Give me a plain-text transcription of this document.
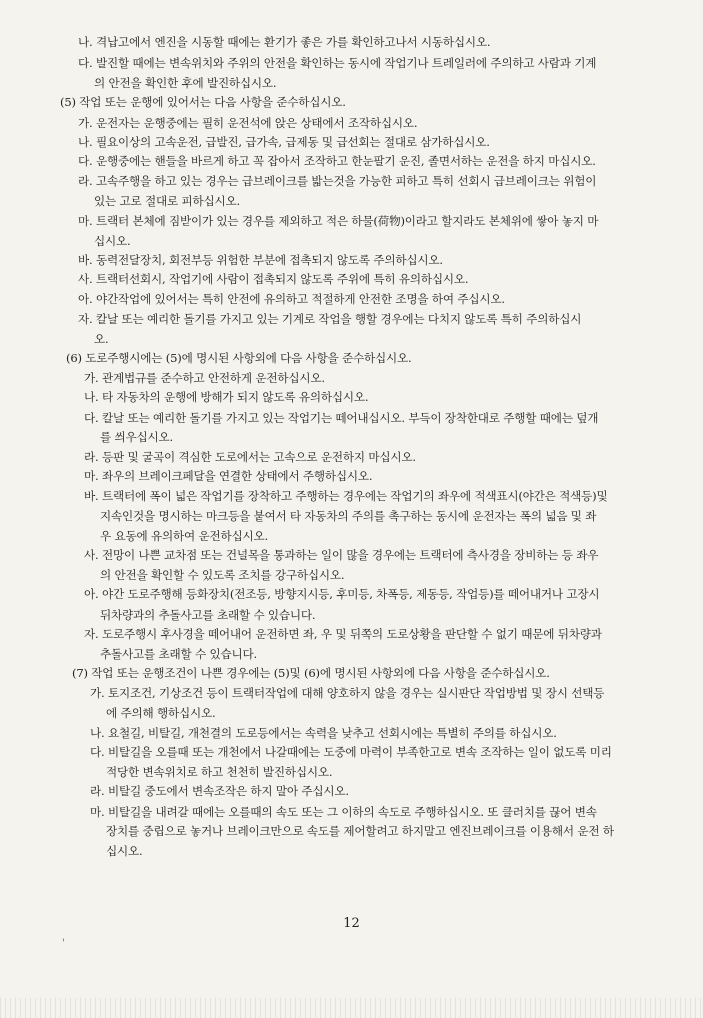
나. 격납고에서 엔진을 시동할 때에는 환기가 좋은 가를 확인하고나서 시동하십시오.
다. 발진할 때에는 변속위치와 주위의 안전을 확인하는 동시에 작업기나 트레일러에 주의하고 사람과 기계
의 안전을 확인한 후에 발진하십시오.
(5) 작업 또는 운행에 있어서는 다음 사항을 준수하십시오.
가. 운전자는 운행중에는 필히 운전석에 앉은 상태에서 조작하십시오.
나. 필요이상의 고속운전, 급발진, 급가속, 급제동 및 급선회는 절대로 삼가하십시오.
다. 운행중에는 핸들을 바르게 하고 꼭 잡아서 조작하고 한눈팔기 운진, 졸면서하는 운전을 하지 마십시오.
라. 고속주행을 하고 있는 경우는 급브레이크를 밟는것을 가능한 피하고 특히 선회시 급브레이크는 위험이
있는 고로 절대로 피하십시오.
마. 트랙터 본체에 짐받이가 있는 경우를 제외하고 적은 하물(荷物)이라고 할지라도 본체위에 쌓아 놓지 마
십시오.
바. 동력전달장치, 회전부등 위험한 부분에 접촉되지 않도록 주의하십시오.
사. 트랙터선회시, 작업기에 사람이 접촉되지 않도록 주위에 특히 유의하십시오.
아. 야간작업에 있어서는 특히 안전에 유의하고 적절하게 안전한 조명을 하여 주십시오.
자. 칼날 또는 예리한 돌기를 가지고 있는 기계로 작업을 행할 경우에는 다치지 않도록 특히 주의하십시
오.
(6) 도로주행시에는 (5)에 명시된 사항외에 다음 사항을 준수하십시오.
가. 관계법규를 준수하고 안전하게 운전하십시오.
나. 타 자동차의 운행에 방해가 되지 않도록 유의하십시오.
다. 칼날 또는 예리한 돌기를 가지고 있는 작업기는 떼어내십시오. 부득이 장착한대로 주행할 때에는 덮개
를 씌우십시오.
라. 등판 및 굴곡이 격심한 도로에서는 고속으로 운전하지 마십시오.
마. 좌우의 브레이크페달을 연결한 상태에서 주행하십시오.
바. 트랙터에 폭이 넓은 작업기를 장착하고 주행하는 경우에는 작업기의 좌우에 적색표시(야간은 적색등)및
지속인것을 명시하는 마크등을 붙여서 타 자동차의 주의를 촉구하는 동시에 운전자는 폭의 넓음 및 좌
우 요동에 유의하여 운전하십시오.
사. 전망이 나쁜 교차점 또는 건널목을 통과하는 일이 많을 경우에는 트랙터에 측사경을 장비하는 등 좌우
의 안전을 확인할 수 있도록 조치를 강구하십시오.
아. 야간 도로주행해 등화장치(전조등, 방향지시등, 후미등, 차폭등, 제동등, 작업등)를 떼어내거나 고장시
뒤차량과의 추돌사고를 초래할 수 있습니다.
자. 도로주행시 후사경을 떼어내어 운전하면 좌, 우 및 뒤쪽의 도로상황을 판단할 수 없기 때문에 뒤차량과
추돌사고를 초래할 수 있습니다.
(7) 작업 또는 운행조건이 나쁜 경우에는 (5)및 (6)에 명시된 사항외에 다음 사항을 준수하십시오.
가. 토지조건, 기상조건 등이 트랙터작업에 대해 양호하지 않을 경우는 실시판단 작업방법 및 장시 선택등
에 주의해 행하십시오.
나. 요철길, 비탈길, 개천결의 도로등에서는 속력을 낮추고 선회시에는 특별히 주의를 하십시오.
다. 비탈길을 오를때 또는 개천에서 나갈때에는 도중에 마력이 부족한고로 변속 조작하는 일이 없도록 미리
적당한 변속위치로 하고 천천히 발진하십시오.
라. 비탈길 중도에서 변속조작은 하지 말아 주십시오.
마. 비탈길을 내려갈 때에는 오를때의 속도 또는 그 이하의 속도로 주행하십시오. 또 클러치를 끊어 변속
장치를 중립으로 놓거나 브레이크만으로 속도를 제어할려고 하지말고 엔진브레이크를 이용해서 운전 하
십시오.
'
12
